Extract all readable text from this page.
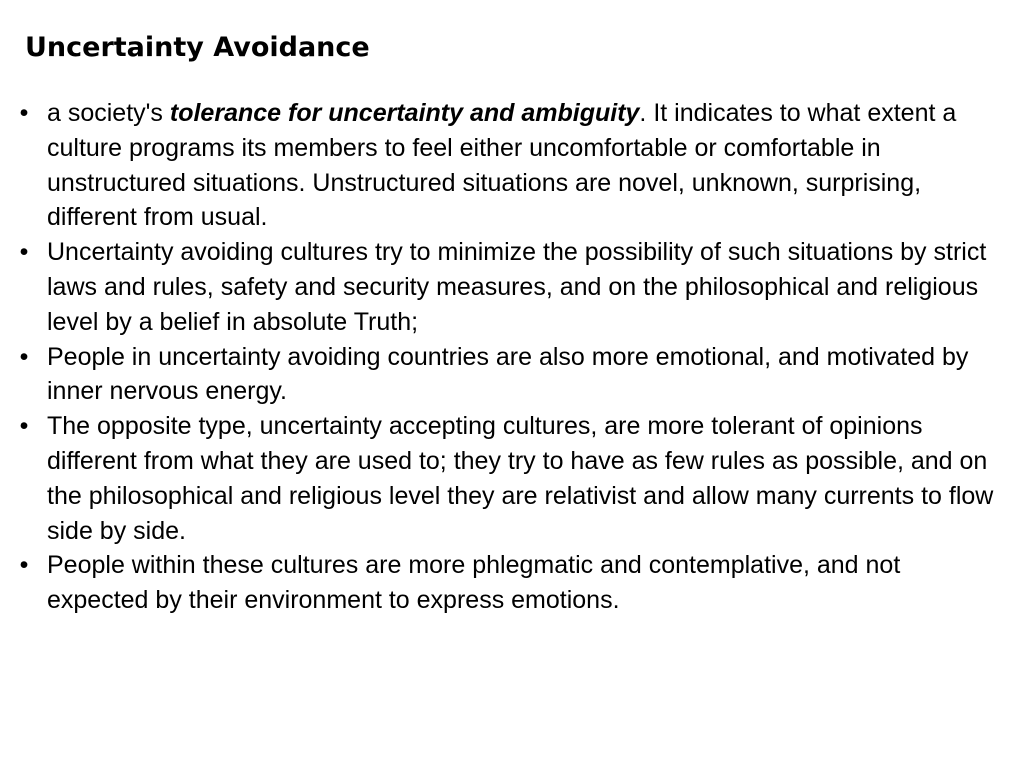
Uncertainty Avoidance
• a society's tolerance for uncertainty and ambiguity. It indicates to what extent a culture programs its members to feel either uncomfortable or comfortable in unstructured situations. Unstructured situations are novel, unknown, surprising, different from usual.
• Uncertainty avoiding cultures try to minimize the possibility of such situations by strict laws and rules, safety and security measures, and on the philosophical and religious level by a belief in absolute Truth;
• People in uncertainty avoiding countries are also more emotional, and motivated by inner nervous energy.
• The opposite type, uncertainty accepting cultures, are more tolerant of opinions different from what they are used to; they try to have as few rules as possible, and on the philosophical and religious level they are relativist and allow many currents to flow side by side.
• People within these cultures are more phlegmatic and contemplative, and not expected by their environment to express emotions.
